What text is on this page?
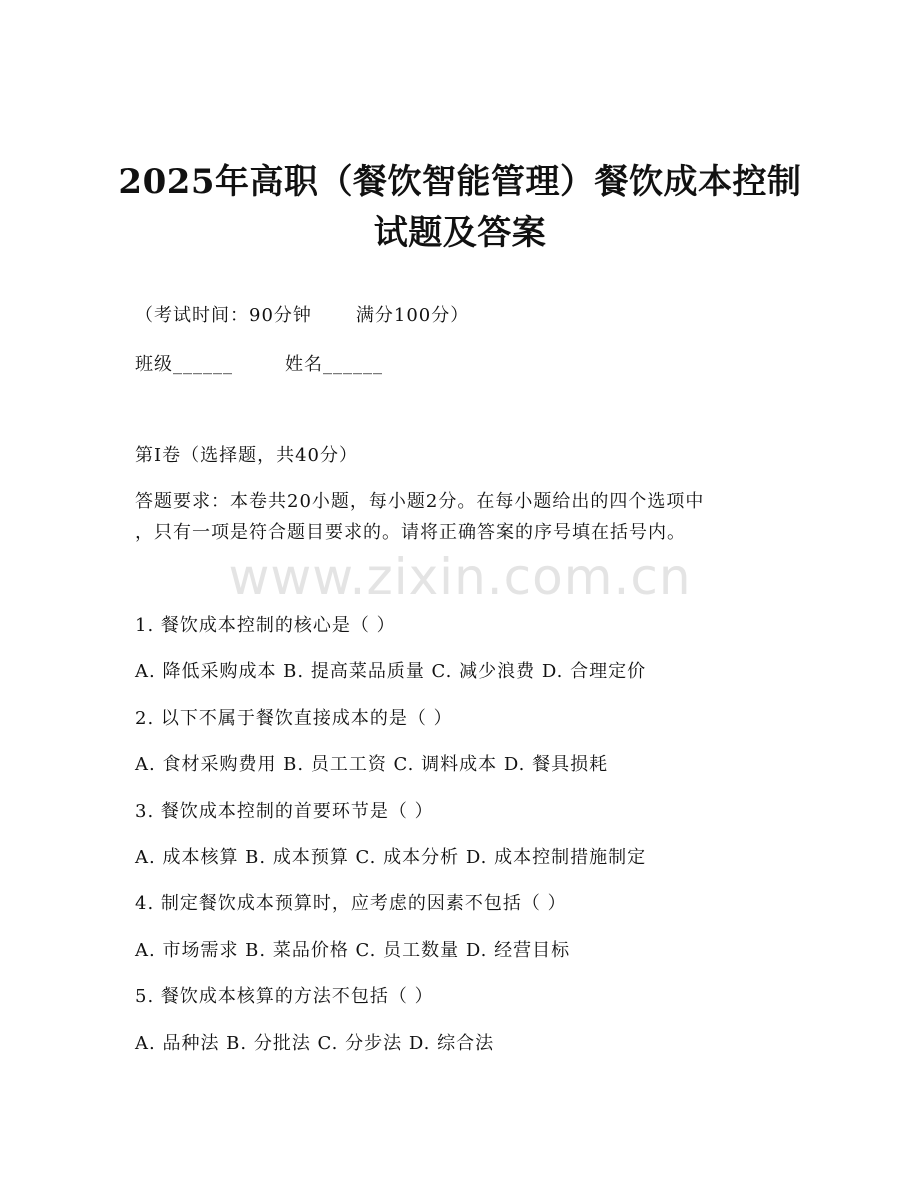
2025年高职（餐饮智能管理）餐饮成本控制
试题及答案
（考试时间：90分钟 满分100分）
班级______	姓名______
第I卷（选择题，共40分）
答题要求：本卷共20小题，每小题2分。在每小题给出的四个选项中
，只有一项是符合题目要求的。请将正确答案的序号填在括号内。
www.zixin.com.cn
1. 餐饮成本控制的核心是（ ）
A. 降低采购成本 B. 提高菜品质量 C. 减少浪费 D. 合理定价
2. 以下不属于餐饮直接成本的是（ ）
A. 食材采购费用 B. 员工工资 C. 调料成本 D. 餐具损耗
3. 餐饮成本控制的首要环节是（ ）
A. 成本核算 B. 成本预算 C. 成本分析 D. 成本控制措施制定
4. 制定餐饮成本预算时，应考虑的因素不包括（ ）
A. 市场需求 B. 菜品价格 C. 员工数量 D. 经营目标
5. 餐饮成本核算的方法不包括（ ）
A. 品种法 B. 分批法 C. 分步法 D. 综合法
